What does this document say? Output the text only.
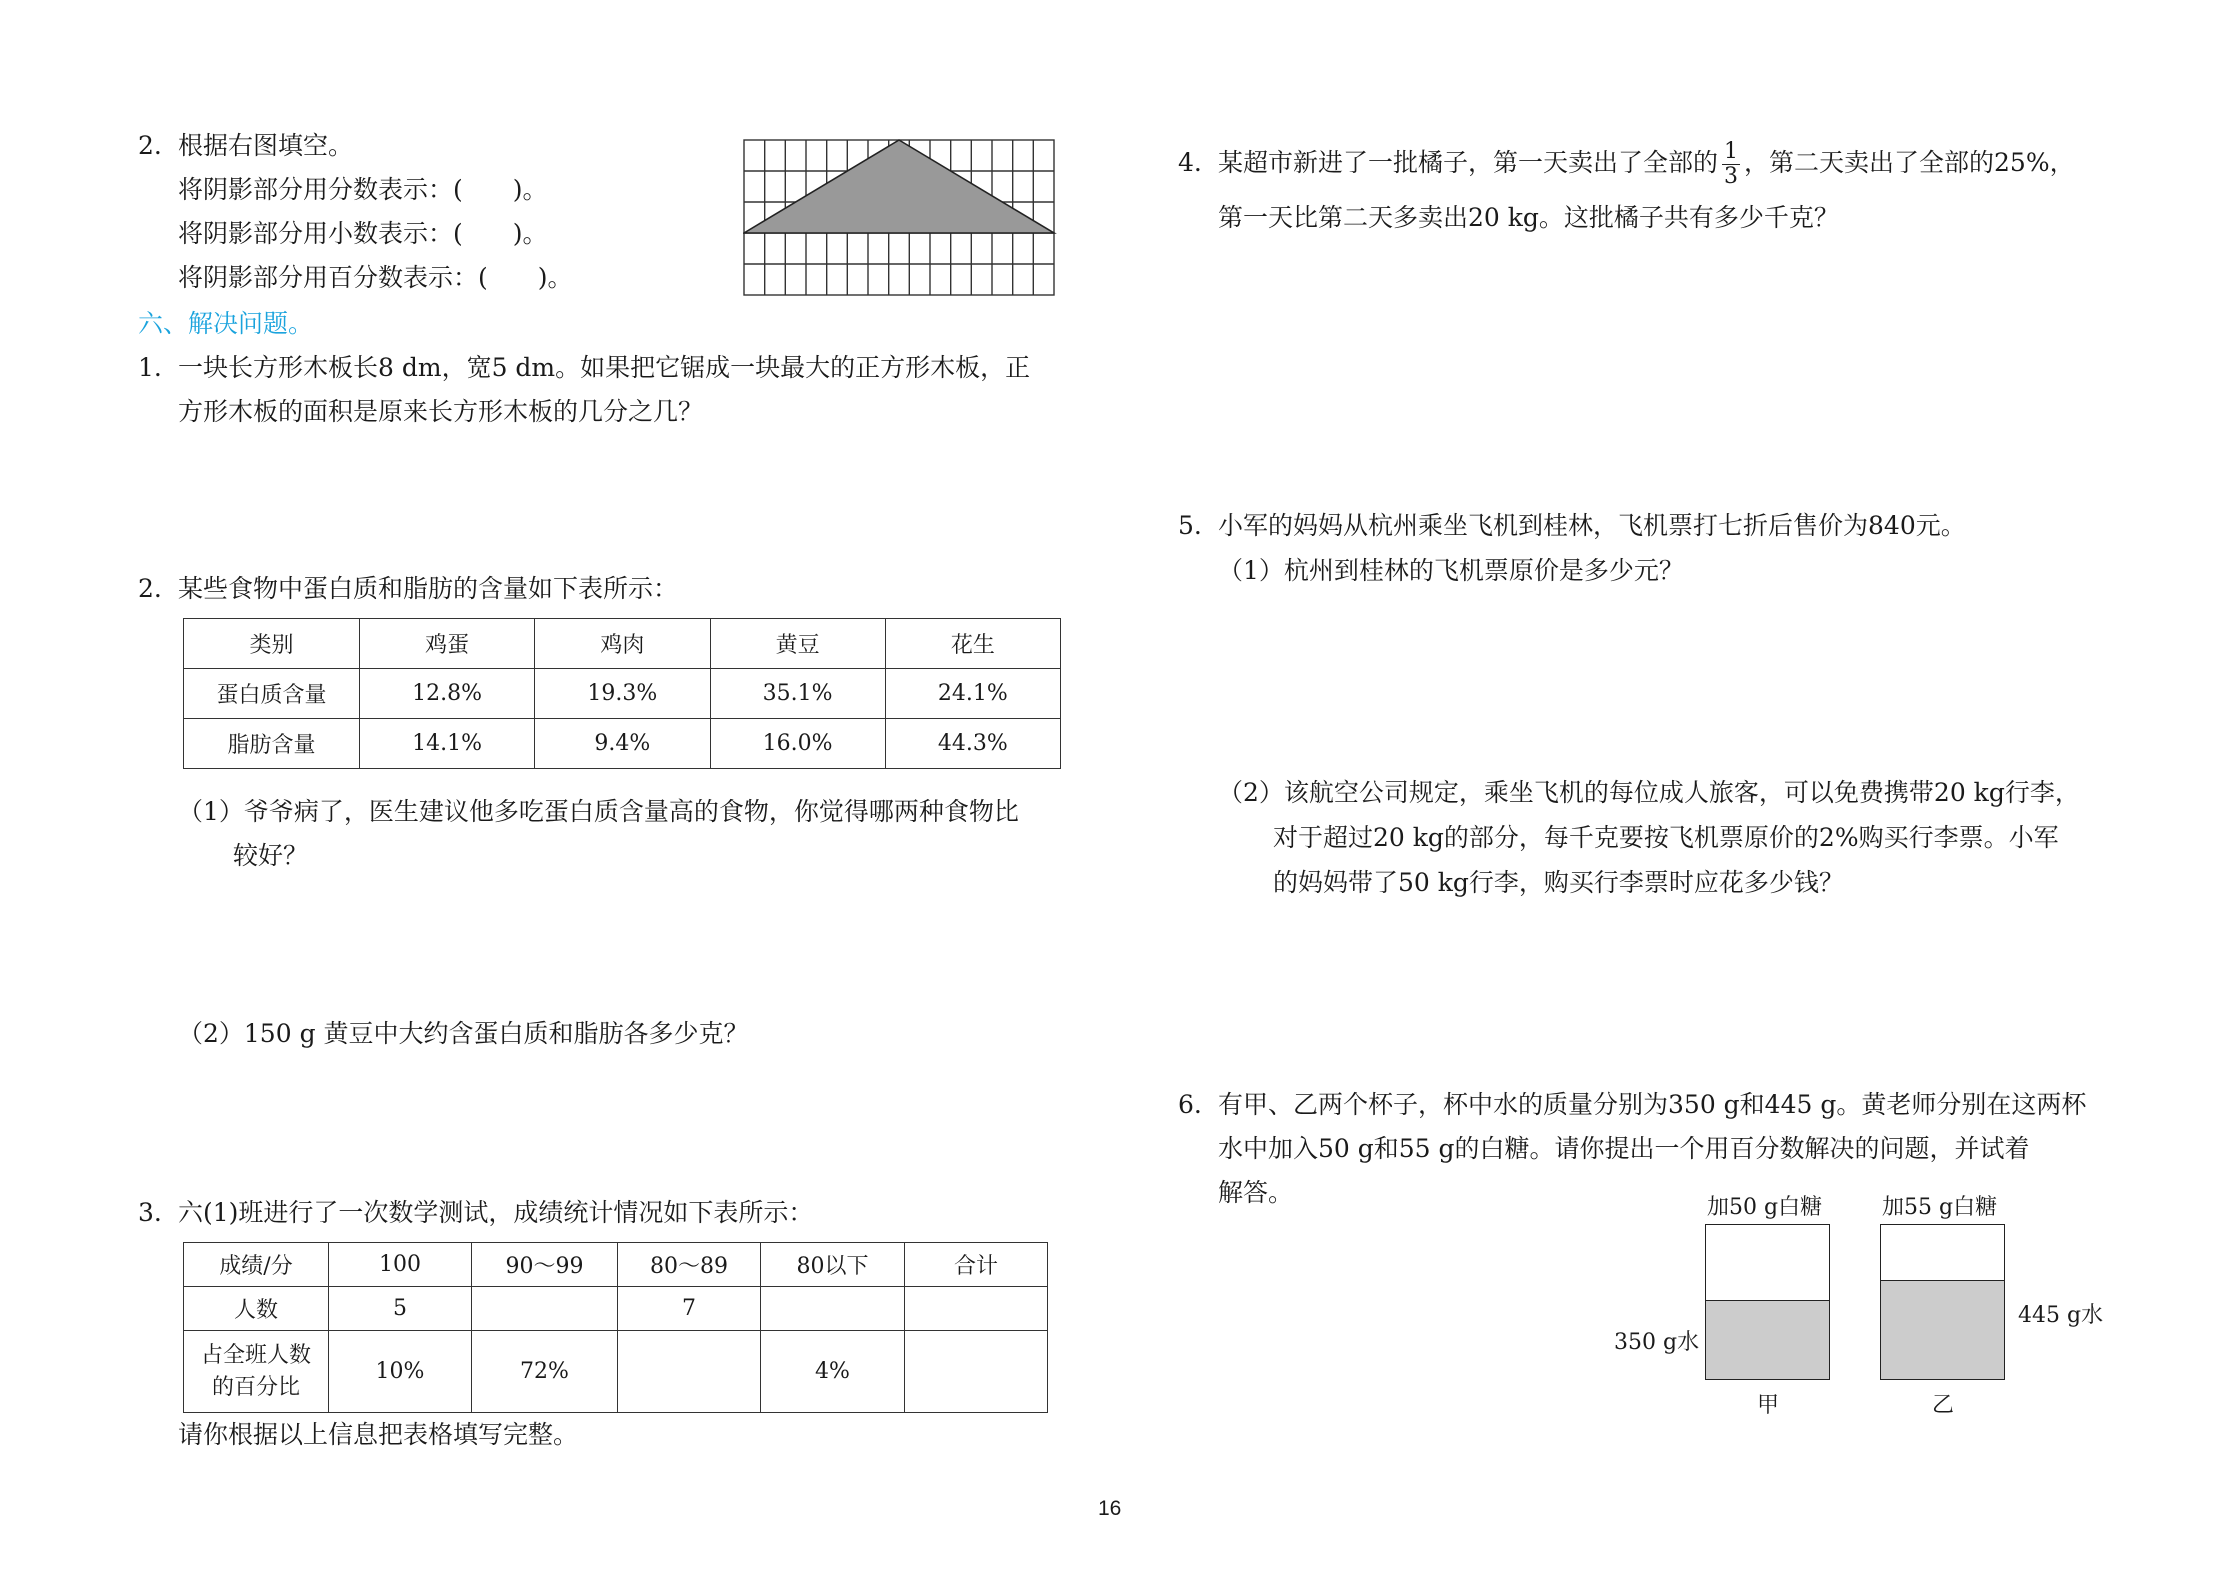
2. 根据右图填空。
将阴影部分用分数表示：(　　)。
将阴影部分用小数表示：(　　)。
将阴影部分用百分数表示：(　　)。
六、解决问题。
1. 一块长方形木板长8 dm，宽5 dm。如果把它锯成一块最大的正方形木板，正
方形木板的面积是原来长方形木板的几分之几？
2. 某些食物中蛋白质和脂肪的含量如下表所示：
类别	鸡蛋	鸡肉	黄豆	花生
蛋白质含量	12.8%	19.3%	35.1%	24.1%
脂肪含量	14.1%	9.4%	16.0%	44.3%
（1）爷爷病了，医生建议他多吃蛋白质含量高的食物，你觉得哪两种食物比
较好？
（2）150 g 黄豆中大约含蛋白质和脂肪各多少克？
3. 六(1)班进行了一次数学测试，成绩统计情况如下表所示：
成绩/分	100	90～99	80～89	80以下	合计
人数	5		7		

占全班人数
的百分比	10%	72%		4%	
请你根据以上信息把表格填写完整。
4. 某超市新进了一批橘子，第一天卖出了全部的 $\frac{1}{3}$ ，第二天卖出了全部的25%，
第一天比第二天多卖出20 kg。这批橘子共有多少千克？
5. 小军的妈妈从杭州乘坐飞机到桂林，飞机票打七折后售价为840元。
（1）杭州到桂林的飞机票原价是多少元？
（2）该航空公司规定，乘坐飞机的每位成人旅客，可以免费携带20 kg行李，
对于超过20 kg的部分，每千克要按飞机票原价的2%购买行李票。小军
的妈妈带了50 kg行李，购买行李票时应花多少钱？
6. 有甲、乙两个杯子，杯中水的质量分别为350 g和445 g。黄老师分别在这两杯
水中加入50 g和55 g的白糖。请你提出一个用百分数解决的问题，并试着
解答。
加50 g白糖	加55 g白糖
350 g水
445 g水
甲	乙
16
